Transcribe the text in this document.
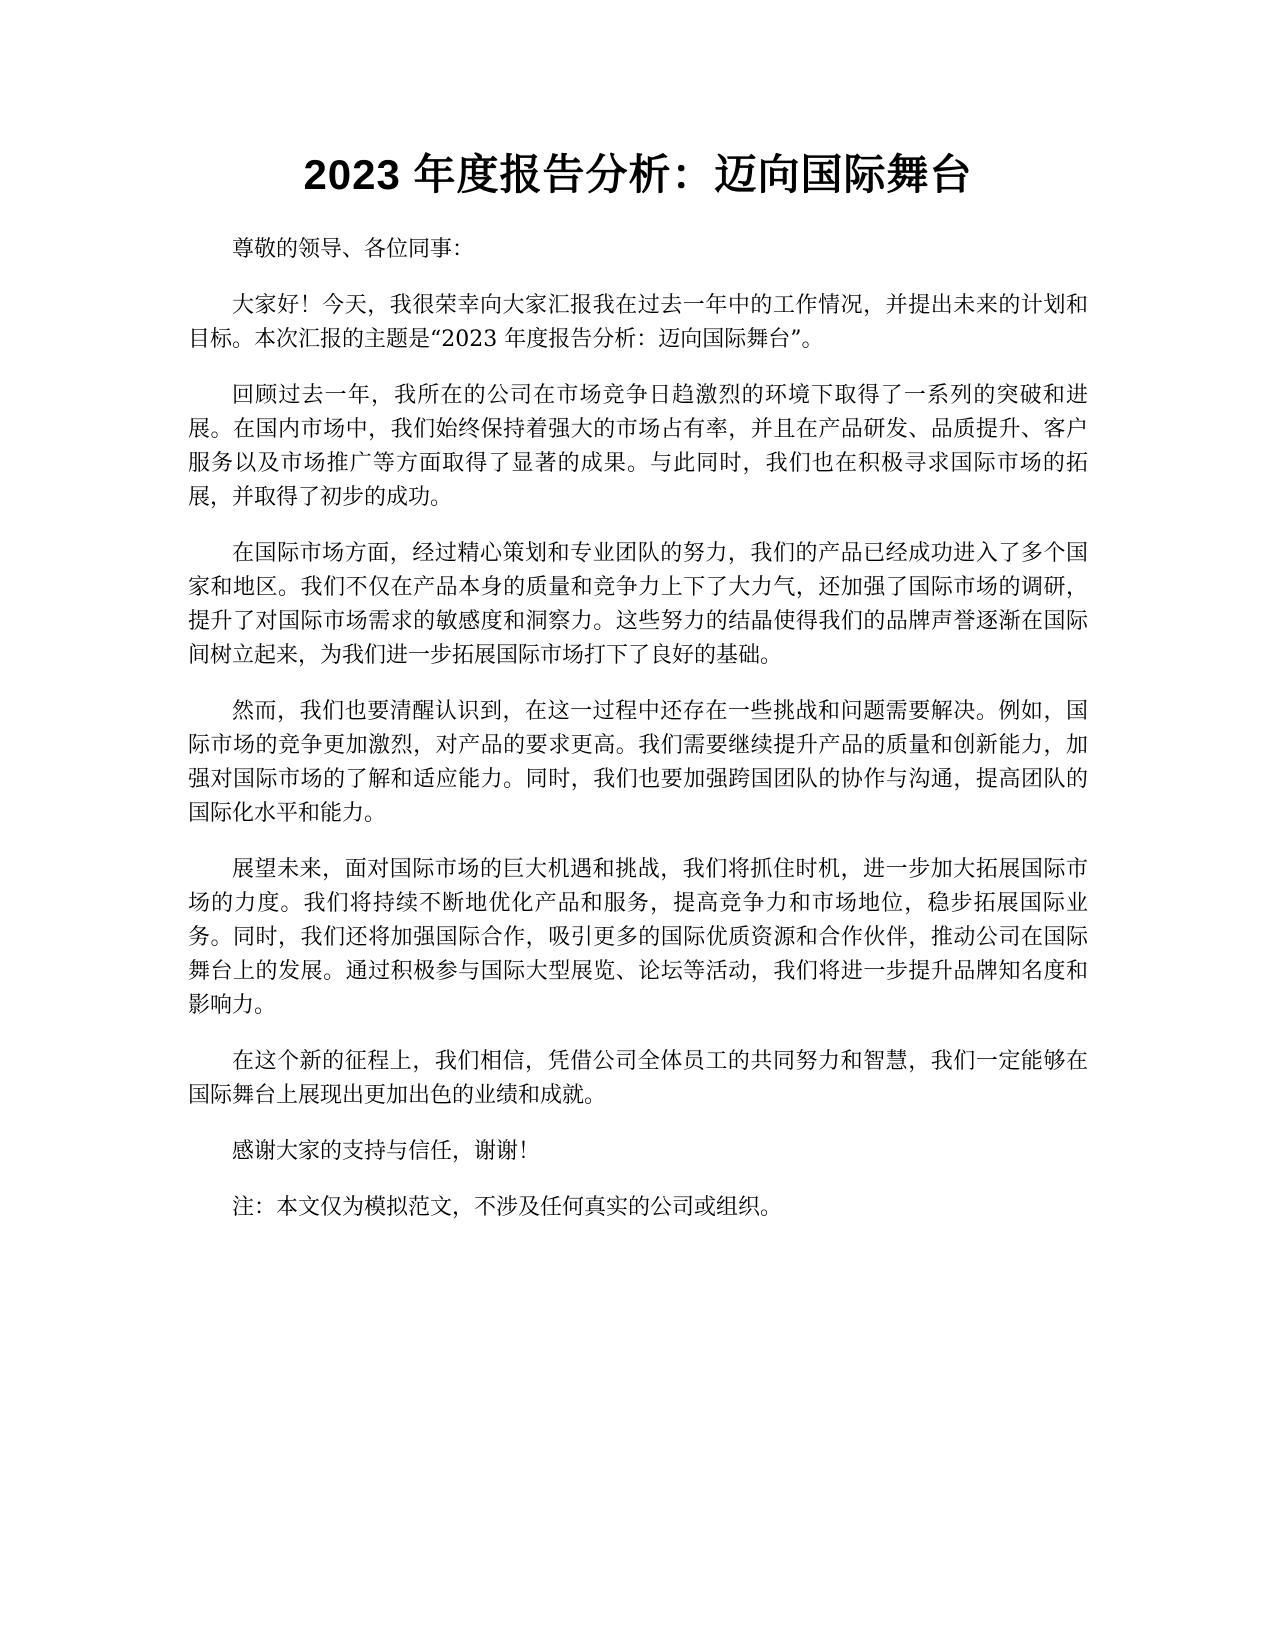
2023 年度报告分析：迈向国际舞台

尊敬的领导、各位同事：

大家好！今天，我很荣幸向大家汇报我在过去一年中的工作情况，并提出未来的计划和目标。本次汇报的主题是“2023 年度报告分析：迈向国际舞台”。

回顾过去一年，我所在的公司在市场竞争日趋激烈的环境下取得了一系列的突破和进展。在国内市场中，我们始终保持着强大的市场占有率，并且在产品研发、品质提升、客户服务以及市场推广等方面取得了显著的成果。与此同时，我们也在积极寻求国际市场的拓展，并取得了初步的成功。

在国际市场方面，经过精心策划和专业团队的努力，我们的产品已经成功进入了多个国家和地区。我们不仅在产品本身的质量和竞争力上下了大力气，还加强了国际市场的调研，提升了对国际市场需求的敏感度和洞察力。这些努力的结晶使得我们的品牌声誉逐渐在国际间树立起来，为我们进一步拓展国际市场打下了良好的基础。

然而，我们也要清醒认识到，在这一过程中还存在一些挑战和问题需要解决。例如，国际市场的竞争更加激烈，对产品的要求更高。我们需要继续提升产品的质量和创新能力，加强对国际市场的了解和适应能力。同时，我们也要加强跨国团队的协作与沟通，提高团队的国际化水平和能力。

展望未来，面对国际市场的巨大机遇和挑战，我们将抓住时机，进一步加大拓展国际市场的力度。我们将持续不断地优化产品和服务，提高竞争力和市场地位，稳步拓展国际业务。同时，我们还将加强国际合作，吸引更多的国际优质资源和合作伙伴，推动公司在国际舞台上的发展。通过积极参与国际大型展览、论坛等活动，我们将进一步提升品牌知名度和影响力。

在这个新的征程上，我们相信，凭借公司全体员工的共同努力和智慧，我们一定能够在国际舞台上展现出更加出色的业绩和成就。

感谢大家的支持与信任，谢谢！

注：本文仅为模拟范文，不涉及任何真实的公司或组织。
